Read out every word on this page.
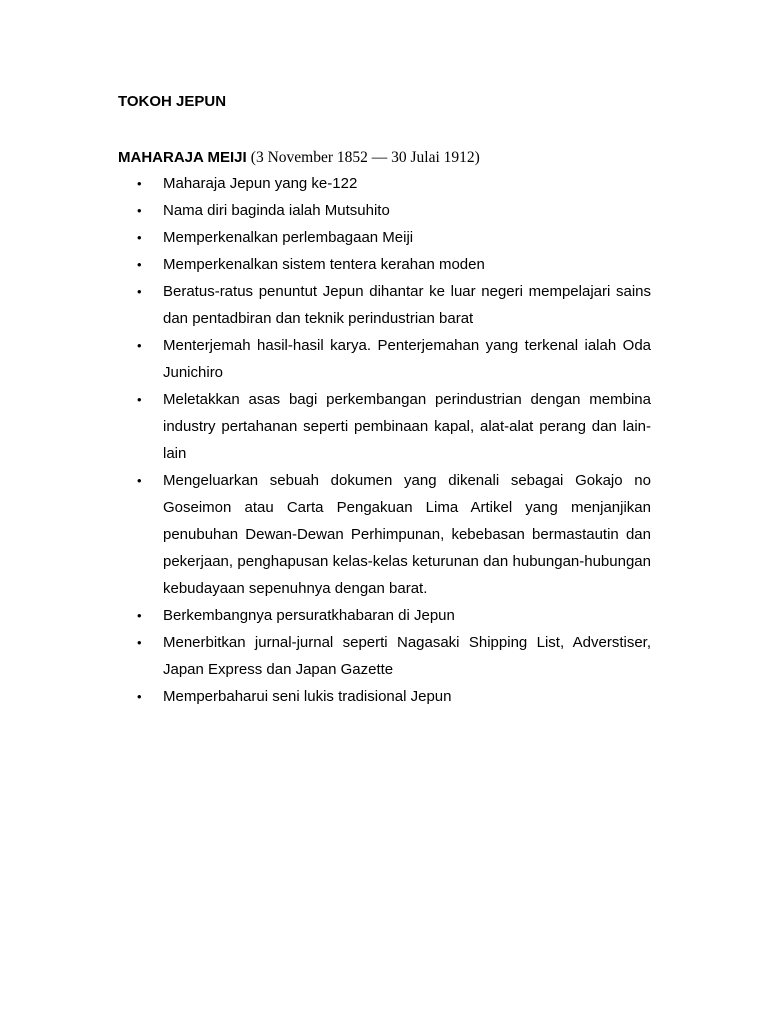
TOKOH JEPUN
MAHARAJA MEIJI (3 November 1852 — 30 Julai 1912)
• Maharaja Jepun yang ke-122
• Nama diri baginda ialah Mutsuhito
• Memperkenalkan perlembagaan Meiji
• Memperkenalkan sistem tentera kerahan moden
• Beratus-ratus penuntut Jepun dihantar ke luar negeri mempelajari sains dan pentadbiran dan teknik perindustrian barat
• Menterjemah hasil-hasil karya. Penterjemahan yang terkenal ialah Oda Junichiro
• Meletakkan asas bagi perkembangan perindustrian dengan membina industry pertahanan seperti pembinaan kapal, alat-alat perang dan lain-lain
• Mengeluarkan sebuah dokumen yang dikenali sebagai Gokajo no Goseimon atau Carta Pengakuan Lima Artikel yang menjanjikan penubuhan Dewan-Dewan Perhimpunan, kebebasan bermastautin dan pekerjaan, penghapusan kelas-kelas keturunan dan hubungan-hubungan kebudayaan sepenuhnya dengan barat.
• Berkembangnya persuratkhabaran di Jepun
• Menerbitkan jurnal-jurnal seperti Nagasaki Shipping List, Adverstiser, Japan Express dan Japan Gazette
• Memperbaharui seni lukis tradisional Jepun
